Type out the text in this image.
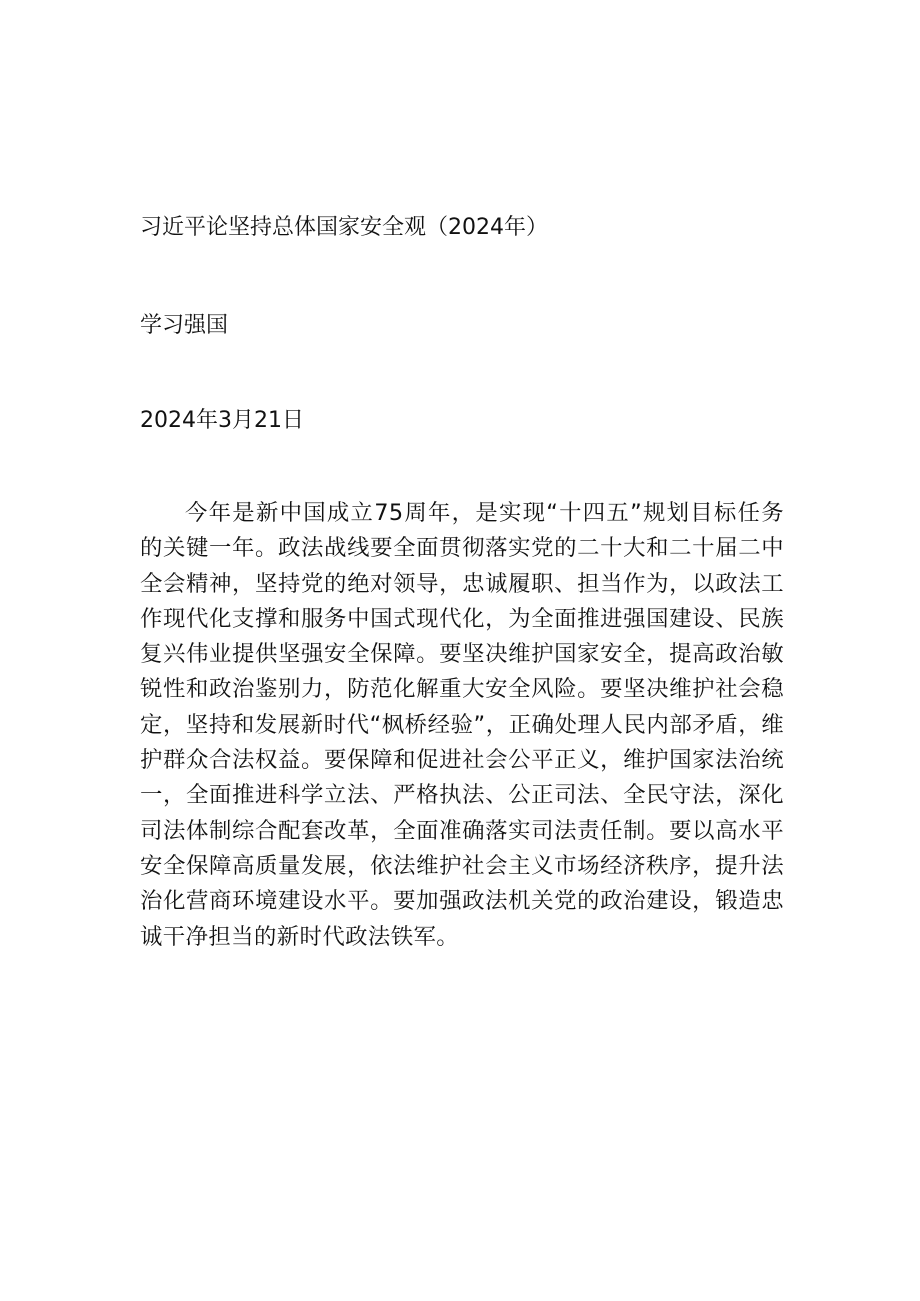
习近平论坚持总体国家安全观（2024年）
学习强国
2024年3月21日

今年是新中国成立75周年，是实现“十四五”规划目标任务的关键一年。政法战线要全面贯彻落实党的二十大和二十届二中全会精神，坚持党的绝对领导，忠诚履职、担当作为，以政法工作现代化支撑和服务中国式现代化，为全面推进强国建设、民族复兴伟业提供坚强安全保障。要坚决维护国家安全，提高政治敏锐性和政治鉴别力，防范化解重大安全风险。要坚决维护社会稳定，坚持和发展新时代“枫桥经验”，正确处理人民内部矛盾，维护群众合法权益。要保障和促进社会公平正义，维护国家法治统一，全面推进科学立法、严格执法、公正司法、全民守法，深化司法体制综合配套改革，全面准确落实司法责任制。要以高水平安全保障高质量发展，依法维护社会主义市场经济秩序，提升法治化营商环境建设水平。要加强政法机关党的政治建设，锻造忠诚干净担当的新时代政法铁军。
